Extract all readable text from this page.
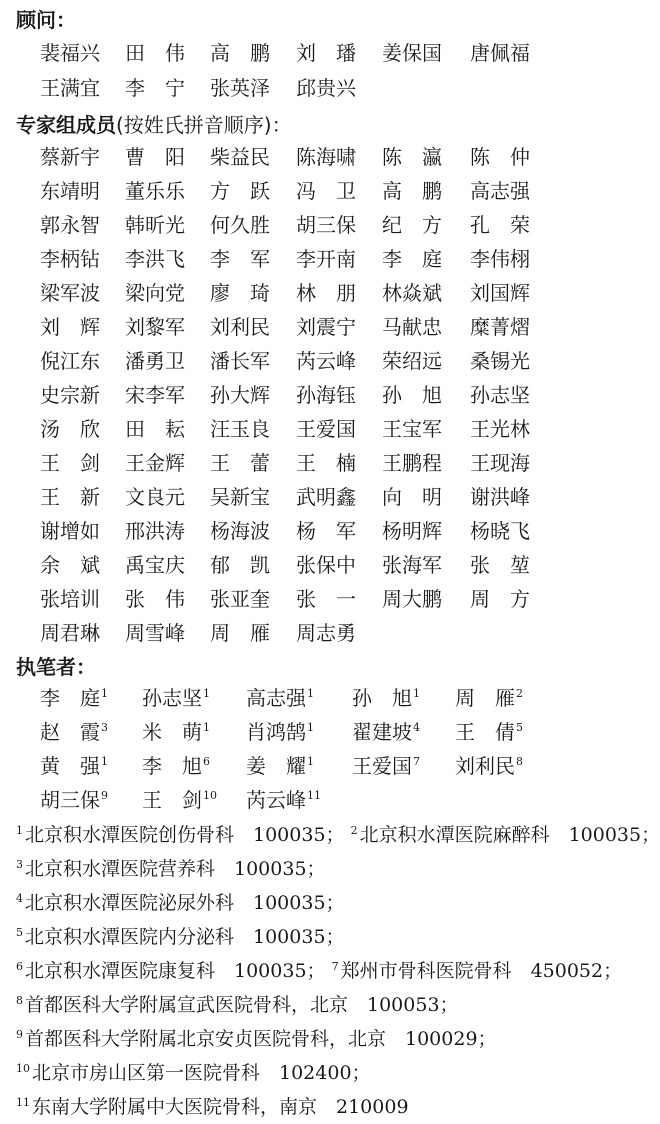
顾问：
裴福兴 田　伟 高　鹏 刘　璠 姜保国 唐佩福
王满宜 李　宁 张英泽 邱贵兴
专家组成员(按姓氏拼音顺序)：
蔡新宇 曹　阳 柴益民 陈海啸 陈　瀛 陈　仲
东靖明 董乐乐 方　跃 冯　卫 高　鹏 高志强
郭永智 韩昕光 何久胜 胡三保 纪　方 孔　荣
李柄钻 李洪飞 李　军 李开南 李　庭 李伟栩
梁军波 梁向党 廖　琦 林　朋 林焱斌 刘国辉
刘　辉 刘黎军 刘利民 刘震宁 马献忠 糜菁熠
倪江东 潘勇卫 潘长军 芮云峰 荣绍远 桑锡光
史宗新 宋李军 孙大辉 孙海钰 孙　旭 孙志坚
汤　欣 田　耘 汪玉良 王爱国 王宝军 王光林
王　剑 王金辉 王　蕾 王　楠 王鹏程 王现海
王　新 文良元 吴新宝 武明鑫 向　明 谢洪峰
谢增如 邢洪涛 杨海波 杨　军 杨明辉 杨晓飞
余　斌 禹宝庆 郁　凯 张保中 张海军 张　堃
张培训 张　伟 张亚奎 张　一 周大鹏 周　方
周君琳 周雪峰 周　雁 周志勇
执笔者：
李　庭$^1$ 孙志坚$^1$ 高志强$^1$ 孙　旭$^1$ 周　雁$^2$
赵　霞$^3$ 米　萌$^1$ 肖鸿鹄$^1$ 翟建坡$^4$ 王　倩$^5$
黄　强$^1$ 李　旭$^6$ 姜　耀$^1$ 王爱国$^7$ 刘利民$^8$
胡三保$^9$ 王　剑$^{10}$ 芮云峰$^{11}$
$^1$ 北京积水潭医院创伤骨科　100035； $^2$ 北京积水潭医院麻醉科　100035；
$^3$ 北京积水潭医院营养科　100035；
$^4$ 北京积水潭医院泌尿外科　100035；
$^5$ 北京积水潭医院内分泌科　100035；
$^6$ 北京积水潭医院康复科　100035； $^7$ 郑州市骨科医院骨科　450052；
$^8$ 首都医科大学附属宣武医院骨科，北京　100053；
$^9$ 首都医科大学附属北京安贞医院骨科，北京　100029；
$^{10}$ 北京市房山区第一医院骨科　102400；
$^{11}$ 东南大学附属中大医院骨科，南京　210009
